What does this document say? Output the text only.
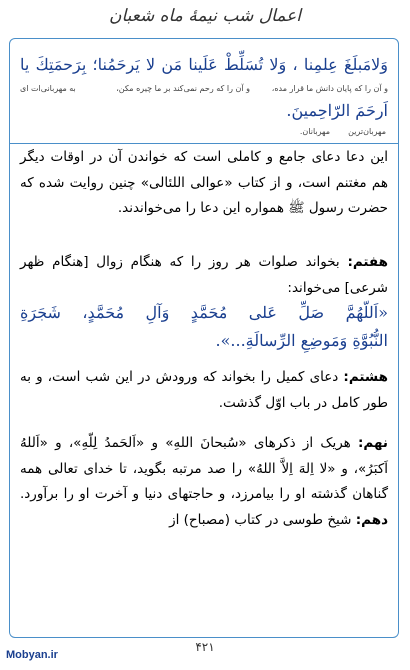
اعمال شب نیمهٔ ماه شعبان
وَلامَبلَغَ عِلمِنا ، وَلا تُسَلِّطْ عَلَينا مَن لا يَرحَمُنا؛ بِرَحمَتِكَ يا
و آن را که پایان دانش ما قرار مده،
و آن را که رحم نمی‌کند بر ما چیره مکن،
به مهربانی‌ات ای
اَرحَمَ الرّاحِمينَ.
مهربان‌ترین
مهربانان.
این دعا دعای جامع و کاملی است که خواندن آن در اوقات دیگر هم مغتنم است، و از کتاب «عوالی اللئالی» چنین روایت شده که حضرت رسول ﷺ همواره این دعا را می‌خواندند.
هفتم: بخواند صلوات هر روز را که هنگام زوال [هنگام ظهر شرعی] می‌خواند:
«اَللّهُمَّ صَلِّ عَلى مُحَمَّدٍ وَآلِ مُحَمَّدٍ، شَجَرَةِ
النُّبُوَّةِ وَمَوضِعِ الرِّسالَةِ...».
هشتم: دعای کمیل را بخواند که ورودش در این شب است، و به طور کامل در باب اوّل گذشت.
نهم: هریک از ذکرهای «سُبحانَ اللهِ» و «اَلحَمدُ لِلّهِ»، و «اَللهُ اَكبَرُ»، و «لا اِلهَ اِلاَّ اللهُ» را صد مرتبه بگوید، تا خدای تعالی همه گناهان گذشته او را بیامرزد، و حاجتهای دنیا و آخرت او را برآورد. دهم: شیخ طوسی در کتاب (مصباح) از
۴۲۱
Mobyan.ir
